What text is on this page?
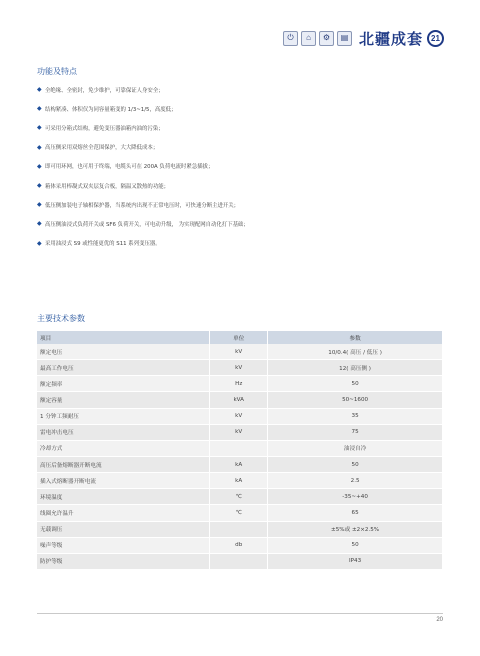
⏻	⌂	⚙	▤ 北疆成套	21
功能及特点
◆ 全绝缘、全密封，免少维护，可靠保证人身安全；
◆ 结构紧凑、体积仅为同容量箱变的 1/3~1/5，高度低；
◆ 可采用分箱式结构，避免变压器油箱内油的污染；
◆ 高压侧采用双熔丝全范围保护，大大降低成本；
◆ 即可用环网，也可用于终端，电缆头可在 200A 负荷电流时紧急插拔；
◆ 箱体采用棒凝式双夹层复合板，隔温又散热的功能；
◆ 低压侧加装电子轴相保护器，当系统内出现不正常电压时，可快速分断主进开关；
◆ 高压侧油浸式负荷开关或 SF6 负荷开关，可电动升级， 为实现配网自动化打下基础；
◆ 采用油浸式 S9 或性能更优的 S11 系列变压器。
主要技术参数
项目	单位	参数
额定电压	kV	10/0.4( 高压 / 低压 )
最高工作电压	kV	12( 高压侧 )
额定频率	Hz	50
额定容量	kVA	50~1600
1 分钟工频耐压	kV	35
雷电冲击电压	kV	75
冷却方式		油浸自冷
高压后备熔断器开断电流	kA	50
插入式熔断器开断电流	kA	2.5
环境温度	℃	-35~+40
线圈允许温升	℃	65
无载调压		±5%或 ±2×2.5%
噪声等级	db	50
防护等级		IP43
20
